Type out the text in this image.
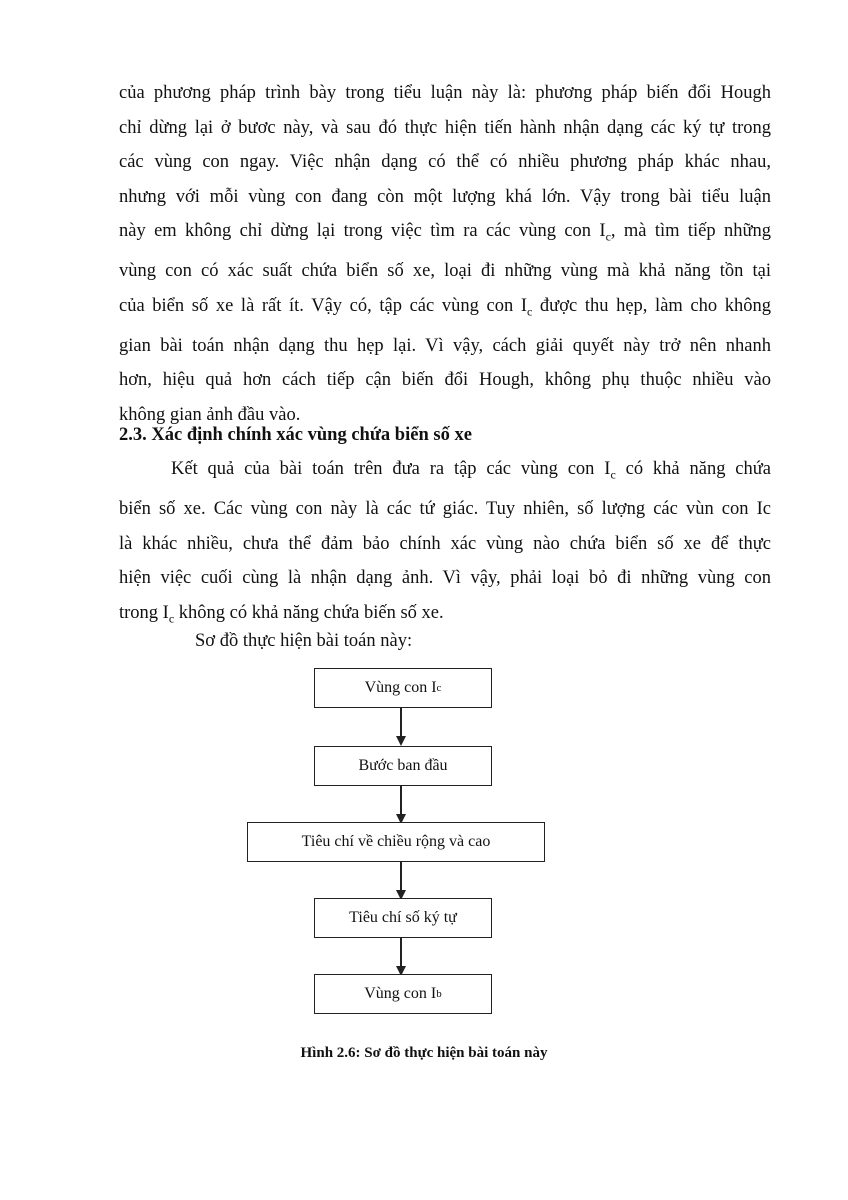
của phương pháp trình bày trong tiểu luận này là: phương pháp biến đổi Hough
chỉ dừng lại ở bươc này, và sau đó thực hiện tiến hành nhận dạng các ký tự trong
các vùng con ngay. Việc nhận dạng có thể có nhiều phương pháp khác nhau,
nhưng với mỗi vùng con đang còn một lượng khá lớn. Vậy trong bài tiểu luận
này em không chỉ dừng lại trong việc tìm ra các vùng con $I_c$, mà tìm tiếp những
vùng con có xác suất chứa biển số xe, loại đi những vùng mà khả năng tồn tại
của biển số xe là rất ít. Vậy có, tập các vùng con $I_c$ được thu hẹp, làm cho không
gian bài toán nhận dạng thu hẹp lại. Vì vậy, cách giải quyết này trở nên nhanh
hơn, hiệu quả hơn cách tiếp cận biến đổi Hough, không phụ thuộc nhiều vào
không gian ảnh đầu vào.
2.3. Xác định chính xác vùng chứa biển số xe
Kết quả của bài toán trên đưa ra tập các vùng con $I_c$ có khả năng chứa
biển số xe. Các vùng con này là các tứ giác. Tuy nhiên, số lượng các vùn con Ic
là khác nhiều, chưa thể đảm bảo chính xác vùng nào chứa biển số xe để thực
hiện việc cuối cùng là nhận dạng ảnh. Vì vậy, phải loại bỏ đi những vùng con
trong $I_c$ không có khả năng chứa biến số xe.
Sơ đồ thực hiện bài toán này:
Vùng con I c
Bước ban đầu
Tiêu chí về chiều rộng và cao
Tiêu chí số ký tự
Vùng con I b
Hình 2.6: Sơ đồ thực hiện bài toán này
